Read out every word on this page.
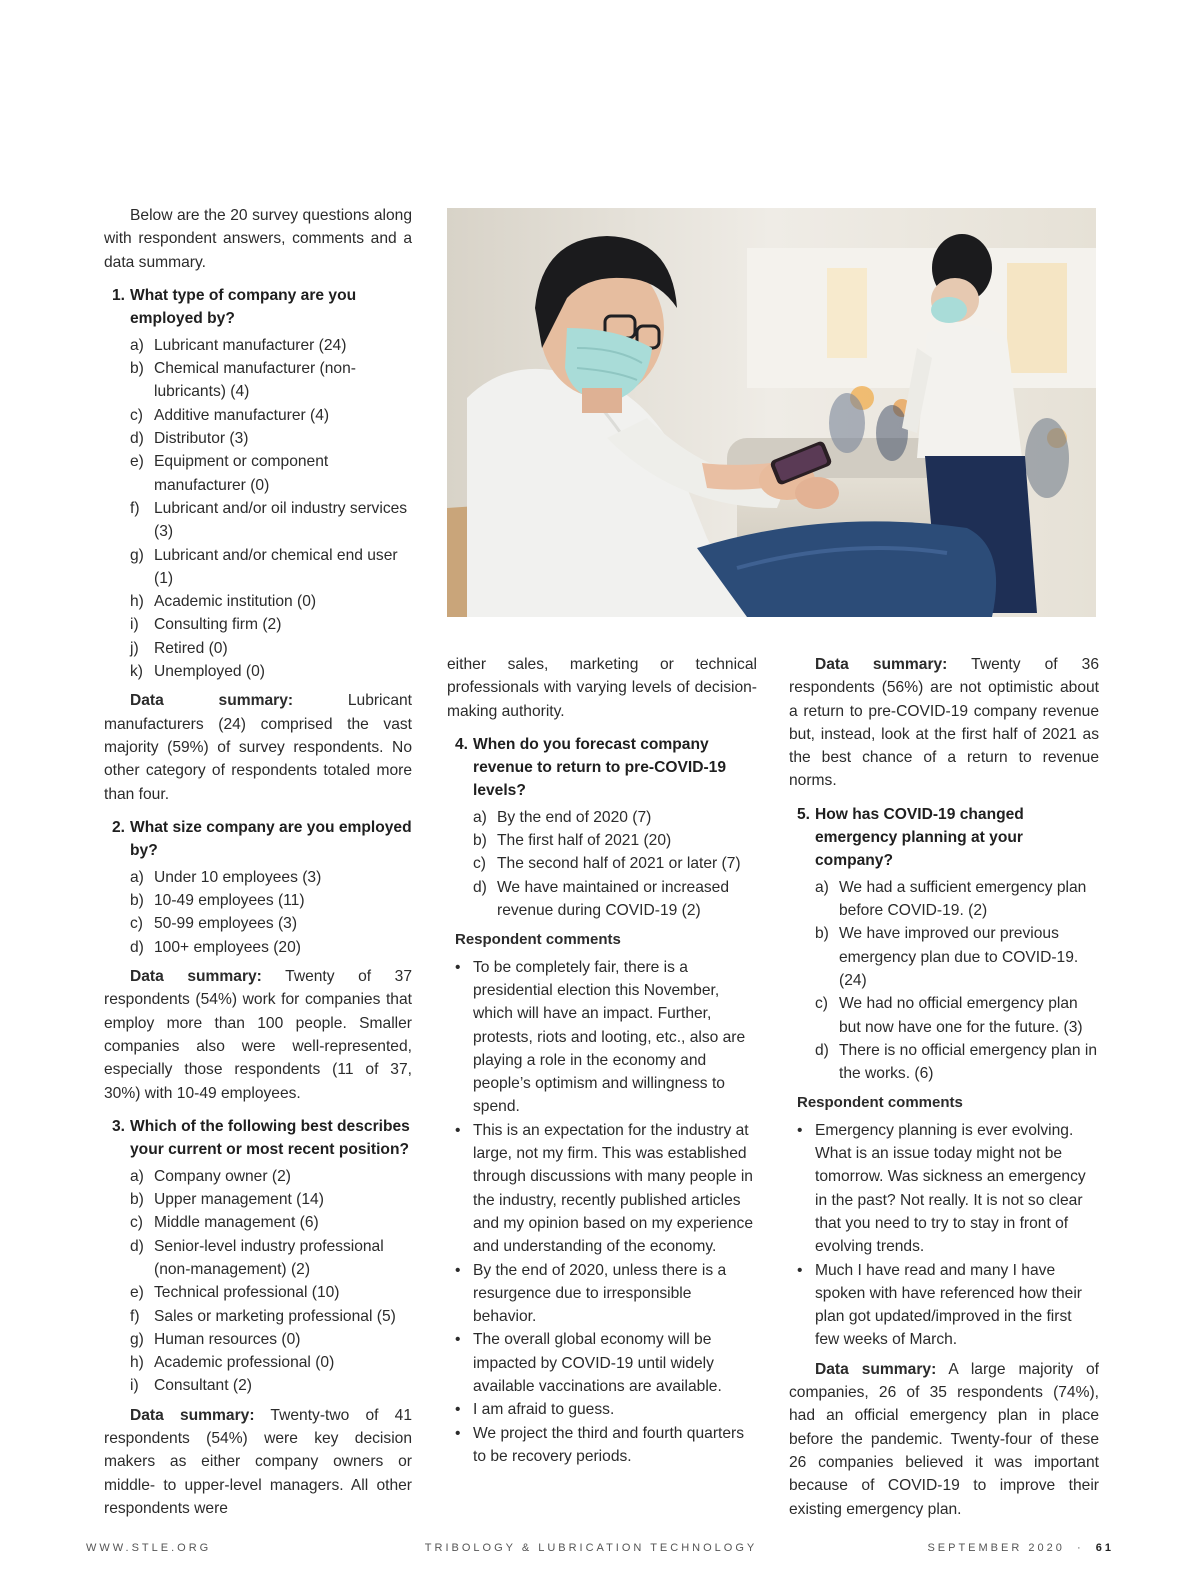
Below are the 20 survey questions along with respondent answers, comments and a data summary.

1. What type of company are you employed by?
a) Lubricant manufacturer (24)
b) Chemical manufacturer (non-lubricants) (4)
c) Additive manufacturer (4)
d) Distributor (3)
e) Equipment or component manufacturer (0)
f) Lubricant and/or oil industry services (3)
g) Lubricant and/or chemical end user (1)
h) Academic institution (0)
i) Consulting firm (2)
j) Retired (0)
k) Unemployed (0)

Data summary:	Lubricant manufacturers (24) comprised the vast majority (59%) of survey respondents. No other category of respondents totaled more than four.

2. What size company are you employed by?
a) Under 10 employees (3)
b) 10-49 employees (11)
c) 50-99 employees (3)
d) 100+ employees (20)

Data summary: Twenty of 37 respondents (54%) work for companies that employ more than 100 people. Smaller companies also were well-represented, especially those respondents (11 of 37, 30%) with 10-49 employees.

3. Which of the following best describes your current or most recent position?
a) Company owner (2)
b) Upper management (14)
c) Middle management (6)
d) Senior-level industry professional (non-management) (2)
e) Technical professional (10)
f) Sales or marketing professional (5)
g) Human resources (0)
h) Academic professional (0)
i) Consultant (2)

Data summary: Twenty-two of 41 respondents (54%) were key decision makers as either company owners or middle- to upper-level managers. All other respondents were

either sales, marketing or technical professionals with varying levels of decision-making authority.

4. When do you forecast company revenue to return to pre-COVID-19 levels?
a) By the end of 2020 (7)
b) The first half of 2021 (20)
c) The second half of 2021 or later (7)
d) We have maintained or increased revenue during COVID-19 (2)
Respondent comments
• To be completely fair, there is a presidential election this November, which will have an impact. Further, protests, riots and looting, etc., also are playing a role in the economy and people’s optimism and willingness to spend.
• This is an expectation for the industry at large, not my firm. This was established through discussions with many people in the industry, recently published articles and my opinion based on my experience and understanding of the economy.
• By the end of 2020, unless there is a resurgence due to irresponsible behavior.
• The overall global economy will be impacted by COVID-19 until widely available vaccinations are available.
• I am afraid to guess.
• We project the third and fourth quarters to be recovery periods.

Data summary: Twenty of 36 respondents (56%) are not optimistic about a return to pre-COVID-19 company revenue but, instead, look at the first half of 2021 as the best chance of a return to revenue norms.

5. How has COVID-19 changed emergency planning at your company?
a) We had a sufficient emergency plan before COVID-19. (2)
b) We have improved our previous emergency plan due to COVID-19. (24)
c) We had no official emergency plan but now have one for the future. (3)
d) There is no official emergency plan in the works. (6)
Respondent comments
• Emergency planning is ever evolving. What is an issue today might not be tomorrow. Was sickness an emergency in the past? Not really. It is not so clear that you need to try to stay in front of evolving trends.
• Much I have read and many I have spoken with have referenced how their plan got updated/improved in the first few weeks of March.

Data summary: A large majority of companies, 26 of 35 respondents (74%), had an official emergency plan in place before the pandemic. Twenty-four of these 26 companies believed it was important because of COVID-19 to improve their existing emergency plan.

WWW.STLE.ORG	TRIBOLOGY & LUBRICATION TECHNOLOGY	SEPTEMBER 2020 · 61
